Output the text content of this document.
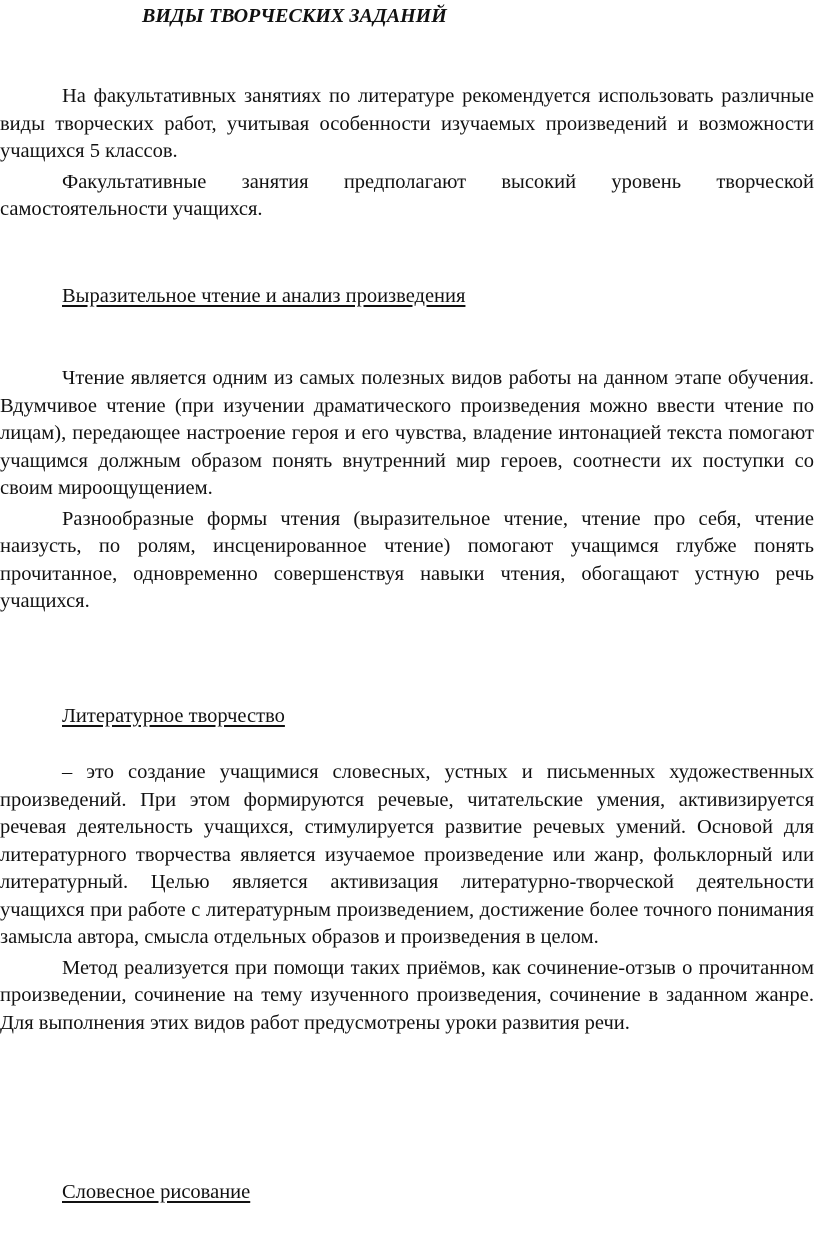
ВИДЫ ТВОРЧЕСКИХ ЗАДАНИЙ

На факультативных занятиях по литературе рекомендуется использовать различные виды творческих работ, учитывая особенности изучаемых произведений и возможности учащихся 5 классов.

Факультативные занятия предполагают высокий уровень творческой самостоятельности учащихся.

Выразительное чтение и анализ произведения

Чтение является одним из самых полезных видов работы на данном этапе обучения. Вдумчивое чтение (при изучении драматического произведения можно ввести чтение по лицам), передающее настроение героя и его чувства, владение интонацией текста помогают учащимся должным образом понять внутренний мир героев, соотнести их поступки со своим мироощущением.

Разнообразные формы чтения (выразительное чтение, чтение про себя, чтение наизусть, по ролям, инсценированное чтение) помогают учащимся глубже понять прочитанное, одновременно совершенствуя навыки чтения, обогащают устную речь учащихся.

Литературное творчество

– это создание учащимися словесных, устных и письменных художественных произведений. При этом формируются речевые, читательские умения, активизируется речевая деятельность учащихся, стимулируется развитие речевых умений. Основой для литературного творчества является изучаемое произведение или жанр, фольклорный или литературный. Целью является активизация литературно-творческой деятельности учащихся при работе с литературным произведением, достижение более точного понимания замысла автора, смысла отдельных образов и произведения в целом.

Метод реализуется при помощи таких приёмов, как сочинение-отзыв о прочитанном произведении, сочинение на тему изученного произведения, сочинение в заданном жанре. Для выполнения этих видов работ предусмотрены уроки развития речи.

Словесное рисование
